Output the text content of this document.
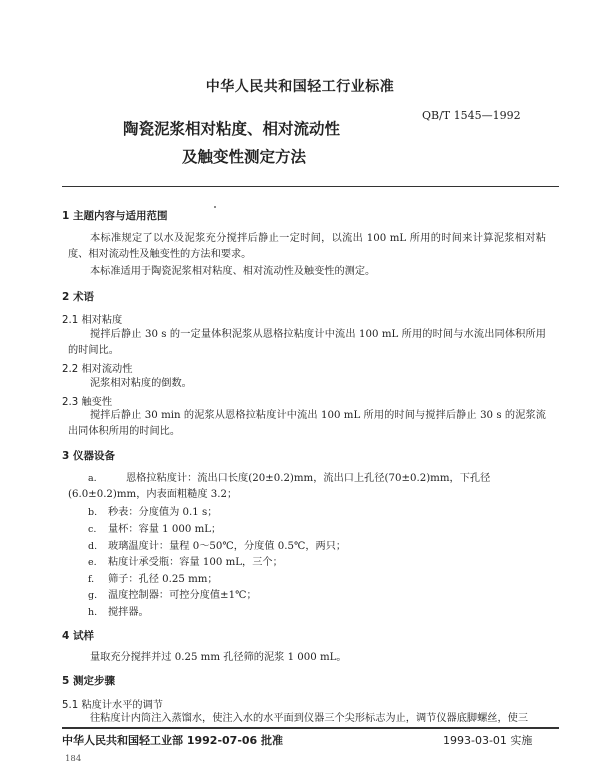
中华人民共和国轻工行业标准
QB/T 1545—1992
陶瓷泥浆相对粘度、相对流动性
及触变性测定方法
1 主题内容与适用范围
本标准规定了以水及泥浆充分搅拌后静止一定时间，以流出 100 mL 所用的时间来计算泥浆相对粘度、相对流动性及触变性的方法和要求。
本标准适用于陶瓷泥浆相对粘度、相对流动性及触变性的测定。
2 术语
2.1 相对粘度
搅拌后静止 30 s 的一定量体积泥浆从恩格拉粘度计中流出 100 mL 所用的时间与水流出同体积所用的时间比。
2.2 相对流动性
泥浆相对粘度的倒数。
2.3 触变性
搅拌后静止 30 min 的泥浆从恩格拉粘度计中流出 100 mL 所用的时间与搅拌后静止 30 s 的泥浆流出同体积所用的时间比。
3 仪器设备
a.	恩格拉粘度计：流出口长度(20±0.2)mm，流出口上孔径(70±0.2)mm，下孔径(6.0±0.2)mm，内表面粗糙度 3.2；
b. 秒表：分度值为 0.1 s；
c. 量杯：容量 1 000 mL；
d. 玻璃温度计：量程 0～50℃，分度值 0.5℃，两只；
e. 粘度计承受瓶：容量 100 mL，三个；
f. 筛子：孔径 0.25 mm；
g. 温度控制器：可控分度值±1℃；
h. 搅拌器。
4 试样
量取充分搅拌并过 0.25 mm 孔径筛的泥浆 1 000 mL。
5 测定步骤
5.1 粘度计水平的调节
往粘度计内筒注入蒸馏水，使注入水的水平面到仪器三个尖形标志为止，调节仪器底脚螺丝，使三
中华人民共和国轻工业部 1992-07-06 批准	1993-03-01 实施
184
